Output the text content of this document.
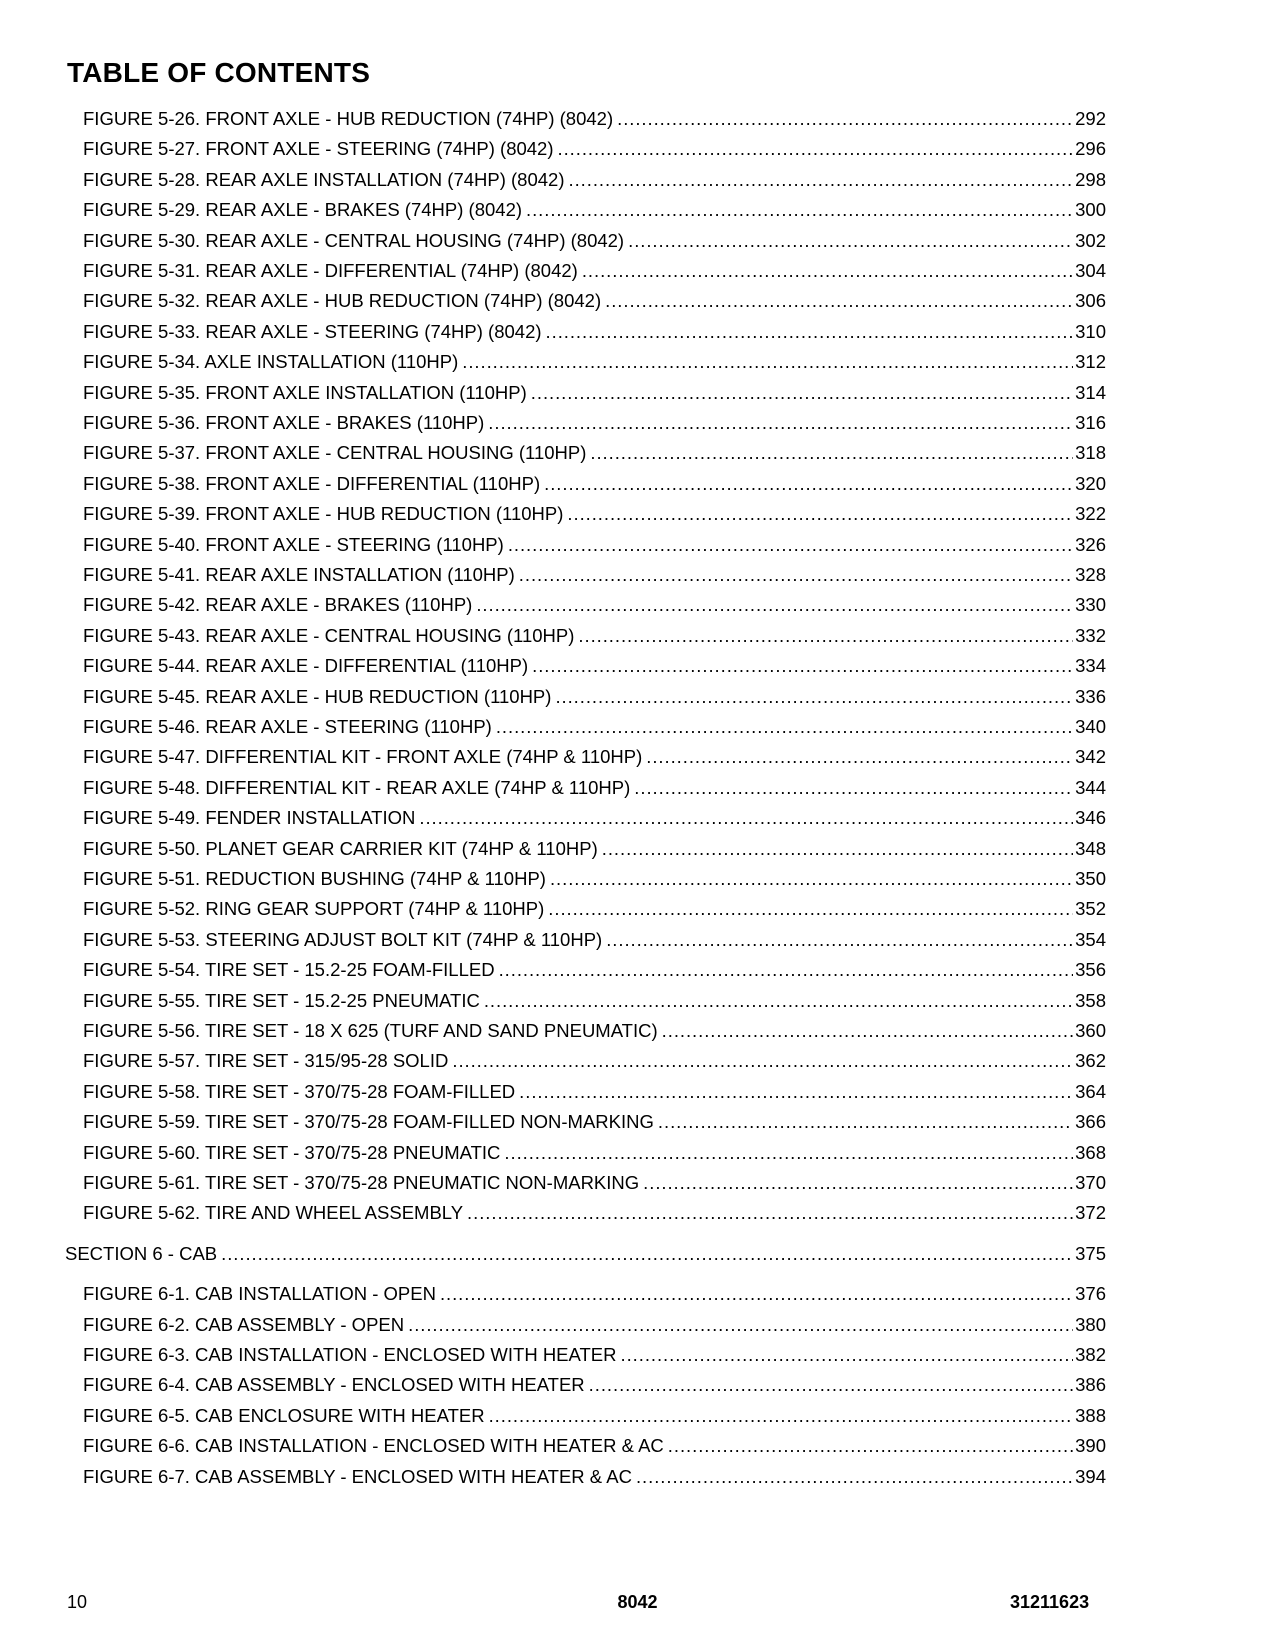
TABLE OF CONTENTS
FIGURE 5-26. FRONT AXLE - HUB REDUCTION (74HP) (8042) . . .	292
FIGURE 5-27. FRONT AXLE - STEERING (74HP) (8042) . . .	296
FIGURE 5-28. REAR AXLE INSTALLATION (74HP) (8042) . . .	298
FIGURE 5-29. REAR AXLE - BRAKES (74HP) (8042) . . .	300
FIGURE 5-30. REAR AXLE - CENTRAL HOUSING (74HP) (8042) . . .	302
FIGURE 5-31. REAR AXLE - DIFFERENTIAL (74HP) (8042) . . .	304
FIGURE 5-32. REAR AXLE - HUB REDUCTION (74HP) (8042) . . .	306
FIGURE 5-33. REAR AXLE - STEERING (74HP) (8042) . . .	310
FIGURE 5-34. AXLE INSTALLATION (110HP) . . .	312
FIGURE 5-35. FRONT AXLE INSTALLATION (110HP) . . .	314
FIGURE 5-36. FRONT AXLE - BRAKES (110HP) . . .	316
FIGURE 5-37. FRONT AXLE - CENTRAL HOUSING (110HP) . . .	318
FIGURE 5-38. FRONT AXLE - DIFFERENTIAL (110HP) . . .	320
FIGURE 5-39. FRONT AXLE - HUB REDUCTION (110HP) . . .	322
FIGURE 5-40. FRONT AXLE - STEERING (110HP) . . .	326
FIGURE 5-41. REAR AXLE INSTALLATION (110HP) . . .	328
FIGURE 5-42. REAR AXLE - BRAKES (110HP) . . .	330
FIGURE 5-43. REAR AXLE - CENTRAL HOUSING (110HP) . . .	332
FIGURE 5-44. REAR AXLE - DIFFERENTIAL (110HP) . . .	334
FIGURE 5-45. REAR AXLE - HUB REDUCTION (110HP) . . .	336
FIGURE 5-46. REAR AXLE - STEERING (110HP) . . .	340
FIGURE 5-47. DIFFERENTIAL KIT - FRONT AXLE (74HP & 110HP) . . .	342
FIGURE 5-48. DIFFERENTIAL KIT - REAR AXLE (74HP & 110HP) . . .	344
FIGURE 5-49. FENDER INSTALLATION . . .	346
FIGURE 5-50. PLANET GEAR CARRIER KIT (74HP & 110HP) . . .	348
FIGURE 5-51. REDUCTION BUSHING (74HP & 110HP) . . .	350
FIGURE 5-52. RING GEAR SUPPORT (74HP & 110HP) . . .	352
FIGURE 5-53. STEERING ADJUST BOLT KIT (74HP & 110HP) . . .	354
FIGURE 5-54. TIRE SET - 15.2-25 FOAM-FILLED . . .	356
FIGURE 5-55. TIRE SET - 15.2-25 PNEUMATIC . . .	358
FIGURE 5-56. TIRE SET - 18 X 625 (TURF AND SAND PNEUMATIC) . . .	360
FIGURE 5-57. TIRE SET - 315/95-28 SOLID . . .	362
FIGURE 5-58. TIRE SET - 370/75-28 FOAM-FILLED . . .	364
FIGURE 5-59. TIRE SET - 370/75-28 FOAM-FILLED NON-MARKING . . .	366
FIGURE 5-60. TIRE SET - 370/75-28 PNEUMATIC . . .	368
FIGURE 5-61. TIRE SET - 370/75-28 PNEUMATIC NON-MARKING . . .	370
FIGURE 5-62. TIRE AND WHEEL ASSEMBLY . . .	372
SECTION 6 - CAB . . .	375
FIGURE 6-1. CAB INSTALLATION - OPEN . . .	376
FIGURE 6-2. CAB ASSEMBLY - OPEN . . .	380
FIGURE 6-3. CAB INSTALLATION - ENCLOSED WITH HEATER . . .	382
FIGURE 6-4. CAB ASSEMBLY - ENCLOSED WITH HEATER . . .	386
FIGURE 6-5. CAB ENCLOSURE WITH HEATER . . .	388
FIGURE 6-6. CAB INSTALLATION - ENCLOSED WITH HEATER & AC . . .	390
FIGURE 6-7. CAB ASSEMBLY - ENCLOSED WITH HEATER & AC . . .	394
10	8042	31211623
